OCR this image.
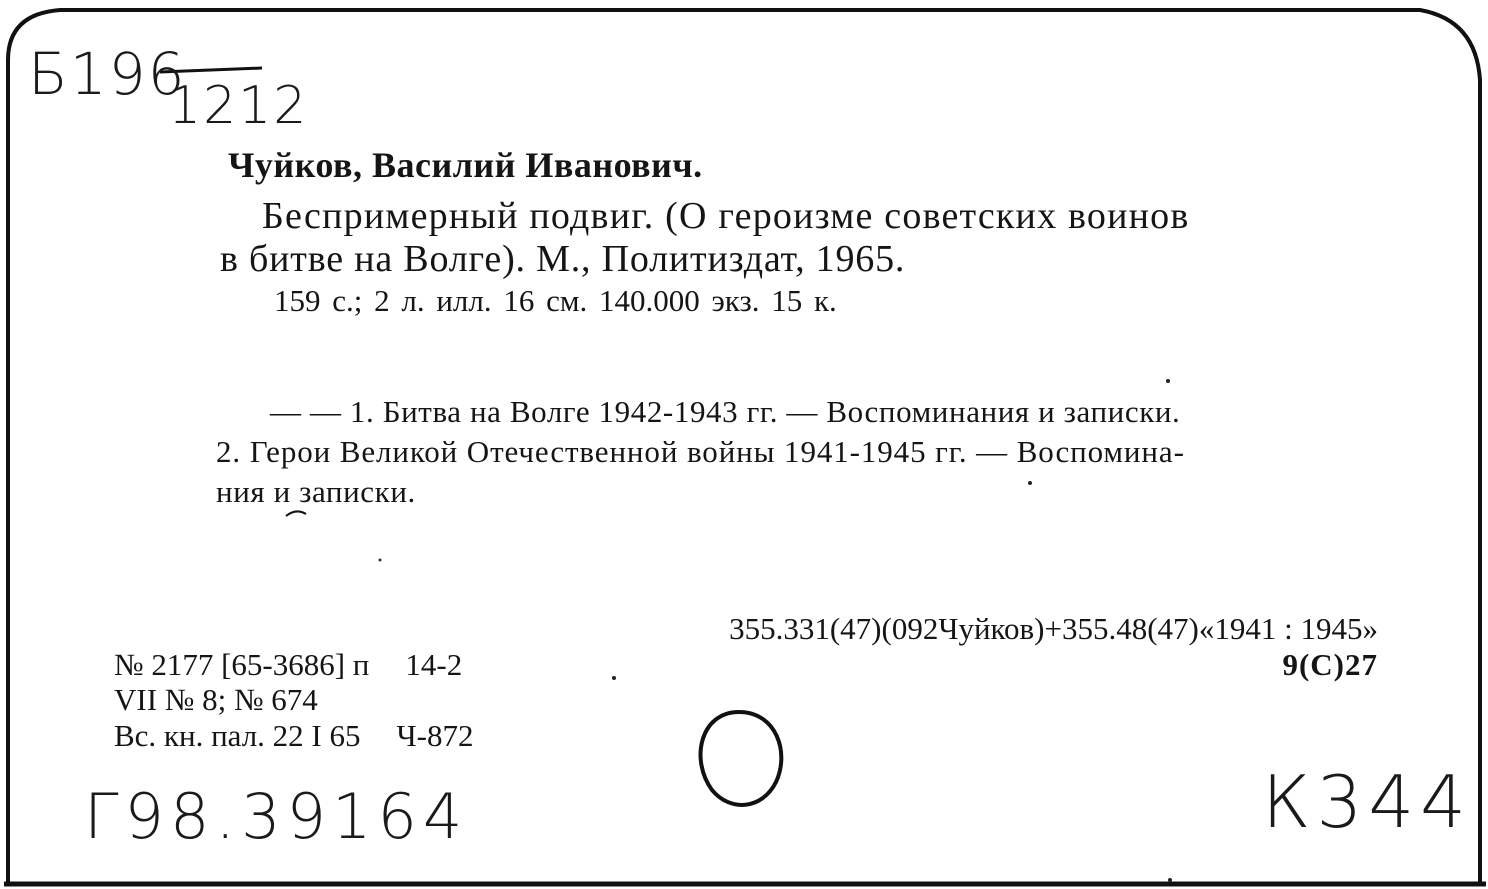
Б196
1212
Чуйков, Василий Иванович.
Беспримерный подвиг. (О героизме советских воинов
в битве на Волге). М., Политиздат, 1965.
159 с.; 2 л. илл. 16 см. 140.000 экз. 15 к.
— — 1. Битва на Волге 1942-1943 гг. — Воспоминания и записки.
2. Герои Великой Отечественной войны 1941-1945 гг. — Воспомина-
ния и записки.
355.331(47)(092Чуйков)+355.48(47)«1941 : 1945»
9(С)27
№ 2177 [65-3686] п 14-2
VII № 8; № 674
Вс. кн. пал. 22 I 65 Ч-872
Г98.39164	К344
